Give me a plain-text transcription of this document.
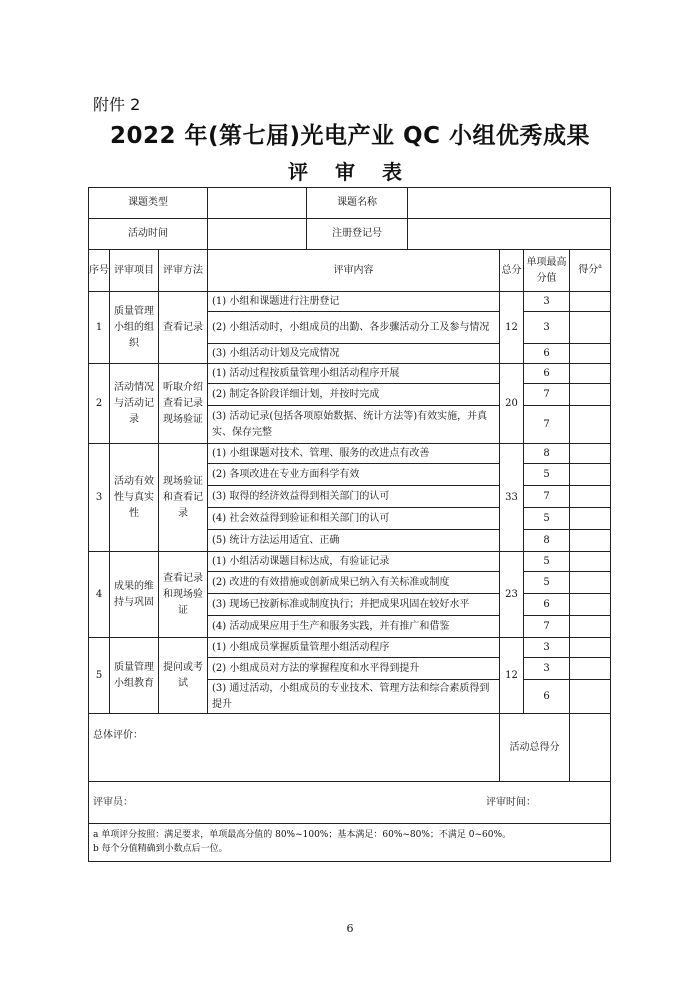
附件 2
2022 年(第七届)光电产业 QC 小组优秀成果
评 审 表
课题类型			课题名称	

活动时间			注册登记号	

序号	评审项目	评审方法	评审内容	总分	单项最高分值	得分$^a$
1	质量管理小组的组织	查看记录	(1) 小组和课题进行注册登记	12	3	
(2) 小组活动时，小组成员的出勤、各步骤活动分工及参与情况	3	
(3) 小组活动计划及完成情况	6	
2	活动情况与活动记录	听取介绍查看记录现场验证	(1) 活动过程按质量管理小组活动程序开展	20	6	
(2) 制定各阶段详细计划，并按时完成	7	
(3) 活动记录(包括各项原始数据、统计方法等)有效实施，并真实、保存完整	7	
3	活动有效性与真实性	现场验证和查看记录	(1) 小组课题对技术、管理、服务的改进点有改善	33	8	
(2) 各项改进在专业方面科学有效	5	
(3) 取得的经济效益得到相关部门的认可	7	
(4) 社会效益得到验证和相关部门的认可	5	
(5) 统计方法运用适宜、正确	8	
4	成果的维持与巩固	查看记录和现场验证	(1) 小组活动课题目标达成，有验证记录	23	5	
(2) 改进的有效措施或创新成果已纳入有关标准或制度	5	
(3) 现场已按新标准或制度执行；并把成果巩固在较好水平	6	
(4) 活动成果应用于生产和服务实践，并有推广和借鉴	7	
5	质量管理小组教育	提问或考试	(1) 小组成员掌握质量管理小组活动程序	12	3	
(2) 小组成员对方法的掌握程度和水平得到提升	3	
(3) 通过活动，小组成员的专业技术、管理方法和综合素质得到提升	6	
总体评价：	活动总得分	

评审员：	评审时间：

a 单项评分按照：满足要求，单项最高分值的 80%~100%；基本满足：60%~80%；不满足 0~60%。
b 每个分值精确到小数点后一位。
6
